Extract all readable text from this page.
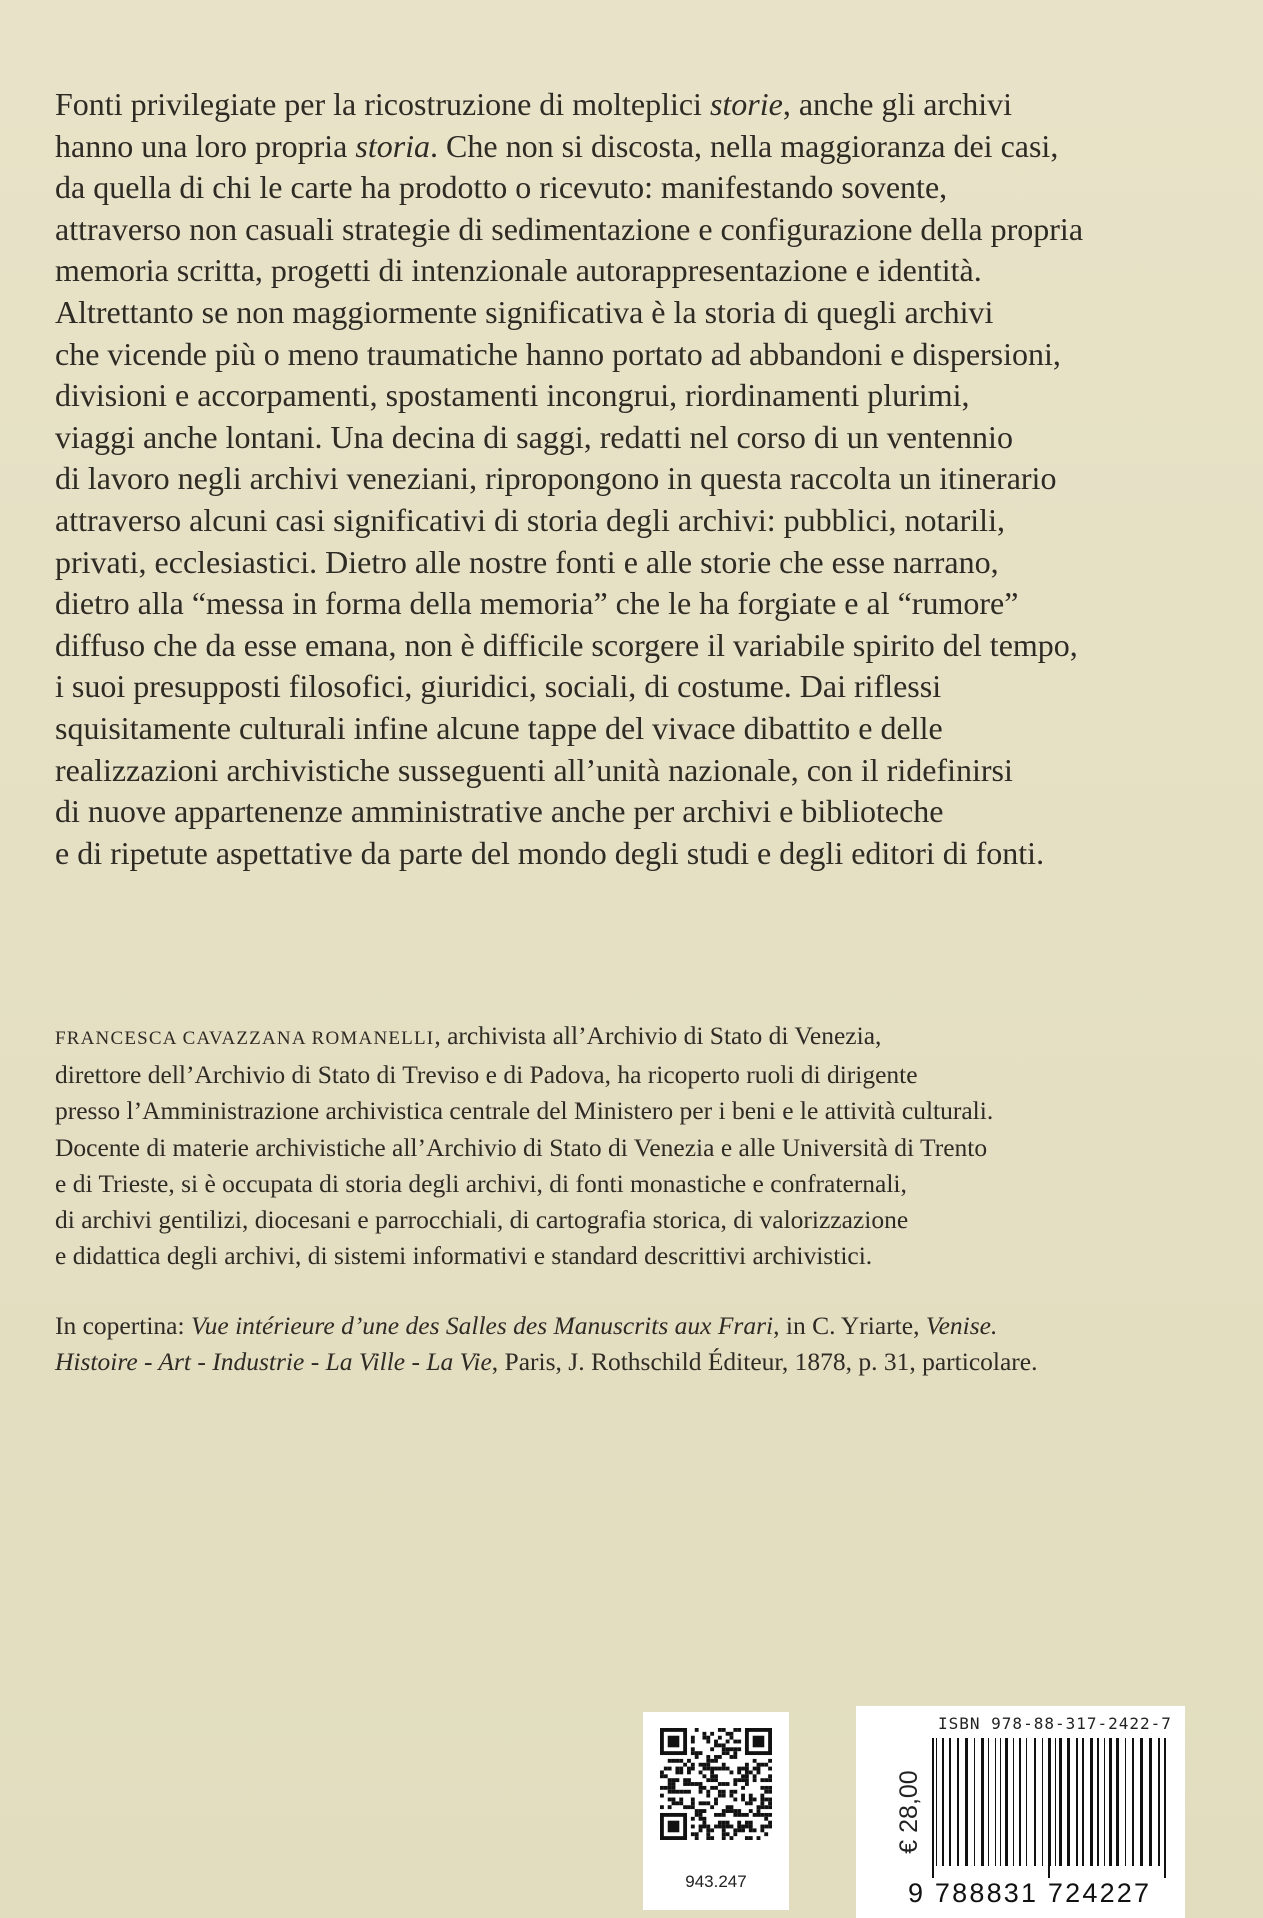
Fonti privilegiate per la ricostruzione di molteplici storie, anche gli archivi
hanno una loro propria storia. Che non si discosta, nella maggioranza dei casi,
da quella di chi le carte ha prodotto o ricevuto: manifestando sovente,
attraverso non casuali strategie di sedimentazione e configurazione della propria
memoria scritta, progetti di intenzionale autorappresentazione e identità.
Altrettanto se non maggiormente significativa è la storia di quegli archivi
che vicende più o meno traumatiche hanno portato ad abbandoni e dispersioni,
divisioni e accorpamenti, spostamenti incongrui, riordinamenti plurimi,
viaggi anche lontani. Una decina di saggi, redatti nel corso di un ventennio
di lavoro negli archivi veneziani, ripropongono in questa raccolta un itinerario
attraverso alcuni casi significativi di storia degli archivi: pubblici, notarili,
privati, ecclesiastici. Dietro alle nostre fonti e alle storie che esse narrano,
dietro alla “messa in forma della memoria” che le ha forgiate e al “rumore”
diffuso che da esse emana, non è difficile scorgere il variabile spirito del tempo,
i suoi presupposti filosofici, giuridici, sociali, di costume. Dai riflessi
squisitamente culturali infine alcune tappe del vivace dibattito e delle
realizzazioni archivistiche susseguenti all’unità nazionale, con il ridefinirsi
di nuove appartenenze amministrative anche per archivi e biblioteche
e di ripetute aspettative da parte del mondo degli studi e degli editori di fonti.
FRANCESCA CAVAZZANA ROMANELLI, archivista all’Archivio di Stato di Venezia,
direttore dell’Archivio di Stato di Treviso e di Padova, ha ricoperto ruoli di dirigente
presso l’Amministrazione archivistica centrale del Ministero per i beni e le attività culturali.
Docente di materie archivistiche all’Archivio di Stato di Venezia e alle Università di Trento
e di Trieste, si è occupata di storia degli archivi, di fonti monastiche e confraternali,
di archivi gentilizi, diocesani e parrocchiali, di cartografia storica, di valorizzazione
e didattica degli archivi, di sistemi informativi e standard descrittivi archivistici.
In copertina: Vue intérieure d’une des Salles des Manuscrits aux Frari, in C. Yriarte, Venise.
Histoire - Art - Industrie - La Ville - La Vie, Paris, J. Rothschild Éditeur, 1878, p. 31, particolare.
943.247
€ 28,00
ISBN 978-88-317-2422-7
9 788831 724227
